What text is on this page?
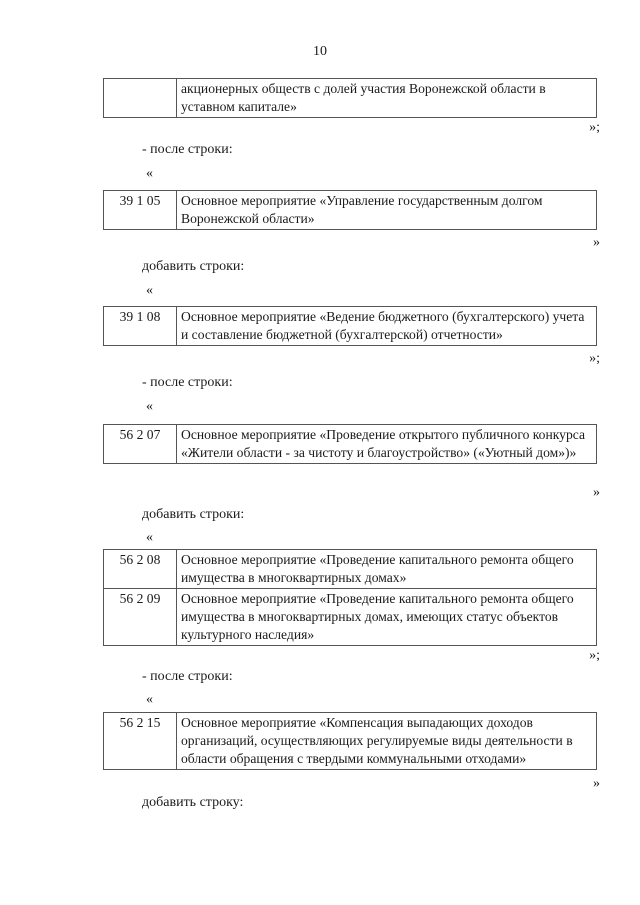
10
	акционерных обществ с долей участия Воронежской области в уставном капитале»
»;
- после строки:
«
39 1 05	Основное мероприятие «Управление государственным долгом Воронежской области»
»
добавить строки:
«
39 1 08	Основное мероприятие «Ведение бюджетного (бухгалтерского) учета и составление бюджетной (бухгалтерской) отчетности»
»;
- после строки:
«
56 2 07	Основное мероприятие «Проведение открытого публичного конкурса «Жители области - за чистоту и благоустройство» («Уютный дом»)»
»
добавить строки:
«
56 2 08	Основное мероприятие «Проведение капитального ремонта общего имущества в многоквартирных домах»
56 2 09	Основное мероприятие «Проведение капитального ремонта общего имущества в многоквартирных домах, имеющих статус объектов культурного наследия»
»;
- после строки:
«
56 2 15	Основное мероприятие «Компенсация выпадающих доходов организаций, осуществляющих регулируемые виды деятельности в области обращения с твердыми коммунальными отходами»
»
добавить строку:
